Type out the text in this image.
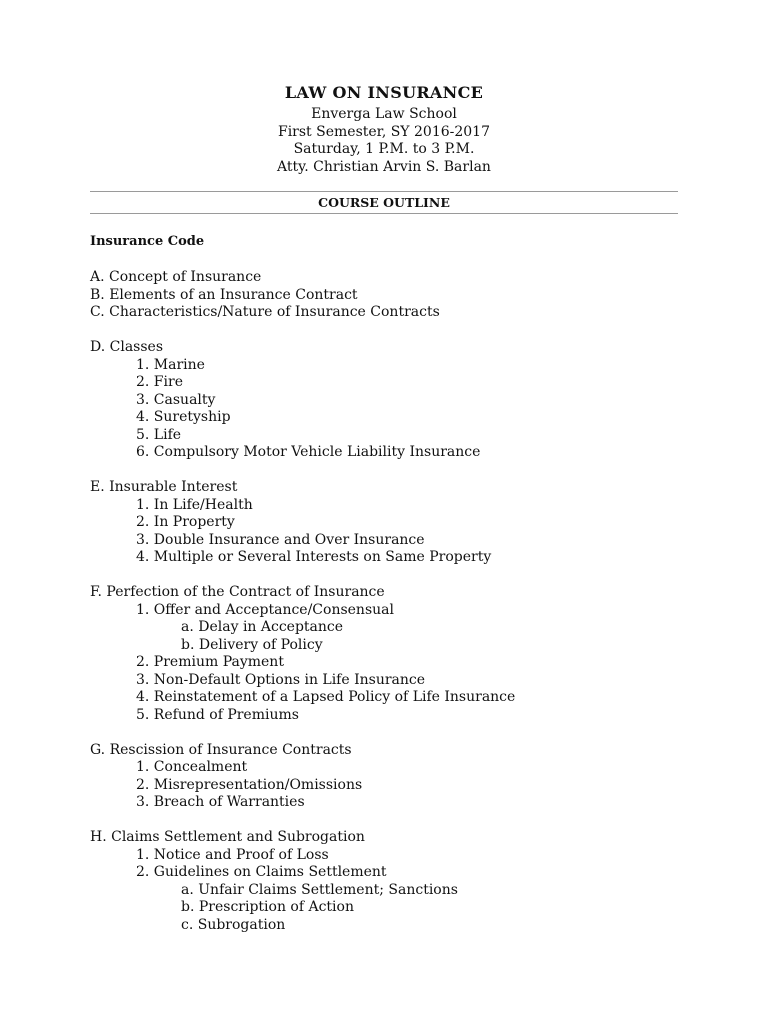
LAW ON INSURANCE
Enverga Law School
First Semester, SY 2016-2017
Saturday, 1 P.M. to 3 P.M.
Atty. Christian Arvin S. Barlan
COURSE OUTLINE
Insurance Code
A. Concept of Insurance
B. Elements of an Insurance Contract
C. Characteristics/Nature of Insurance Contracts
D. Classes
1. Marine
2. Fire
3. Casualty
4. Suretyship
5. Life
6. Compulsory Motor Vehicle Liability Insurance
E. Insurable Interest
1. In Life/Health
2. In Property
3. Double Insurance and Over Insurance
4. Multiple or Several Interests on Same Property
F. Perfection of the Contract of Insurance
1. Offer and Acceptance/Consensual
a. Delay in Acceptance
b. Delivery of Policy
2. Premium Payment
3. Non-Default Options in Life Insurance
4. Reinstatement of a Lapsed Policy of Life Insurance
5. Refund of Premiums
G. Rescission of Insurance Contracts
1. Concealment
2. Misrepresentation/Omissions
3. Breach of Warranties
H. Claims Settlement and Subrogation
1. Notice and Proof of Loss
2. Guidelines on Claims Settlement
a. Unfair Claims Settlement; Sanctions
b. Prescription of Action
c. Subrogation
